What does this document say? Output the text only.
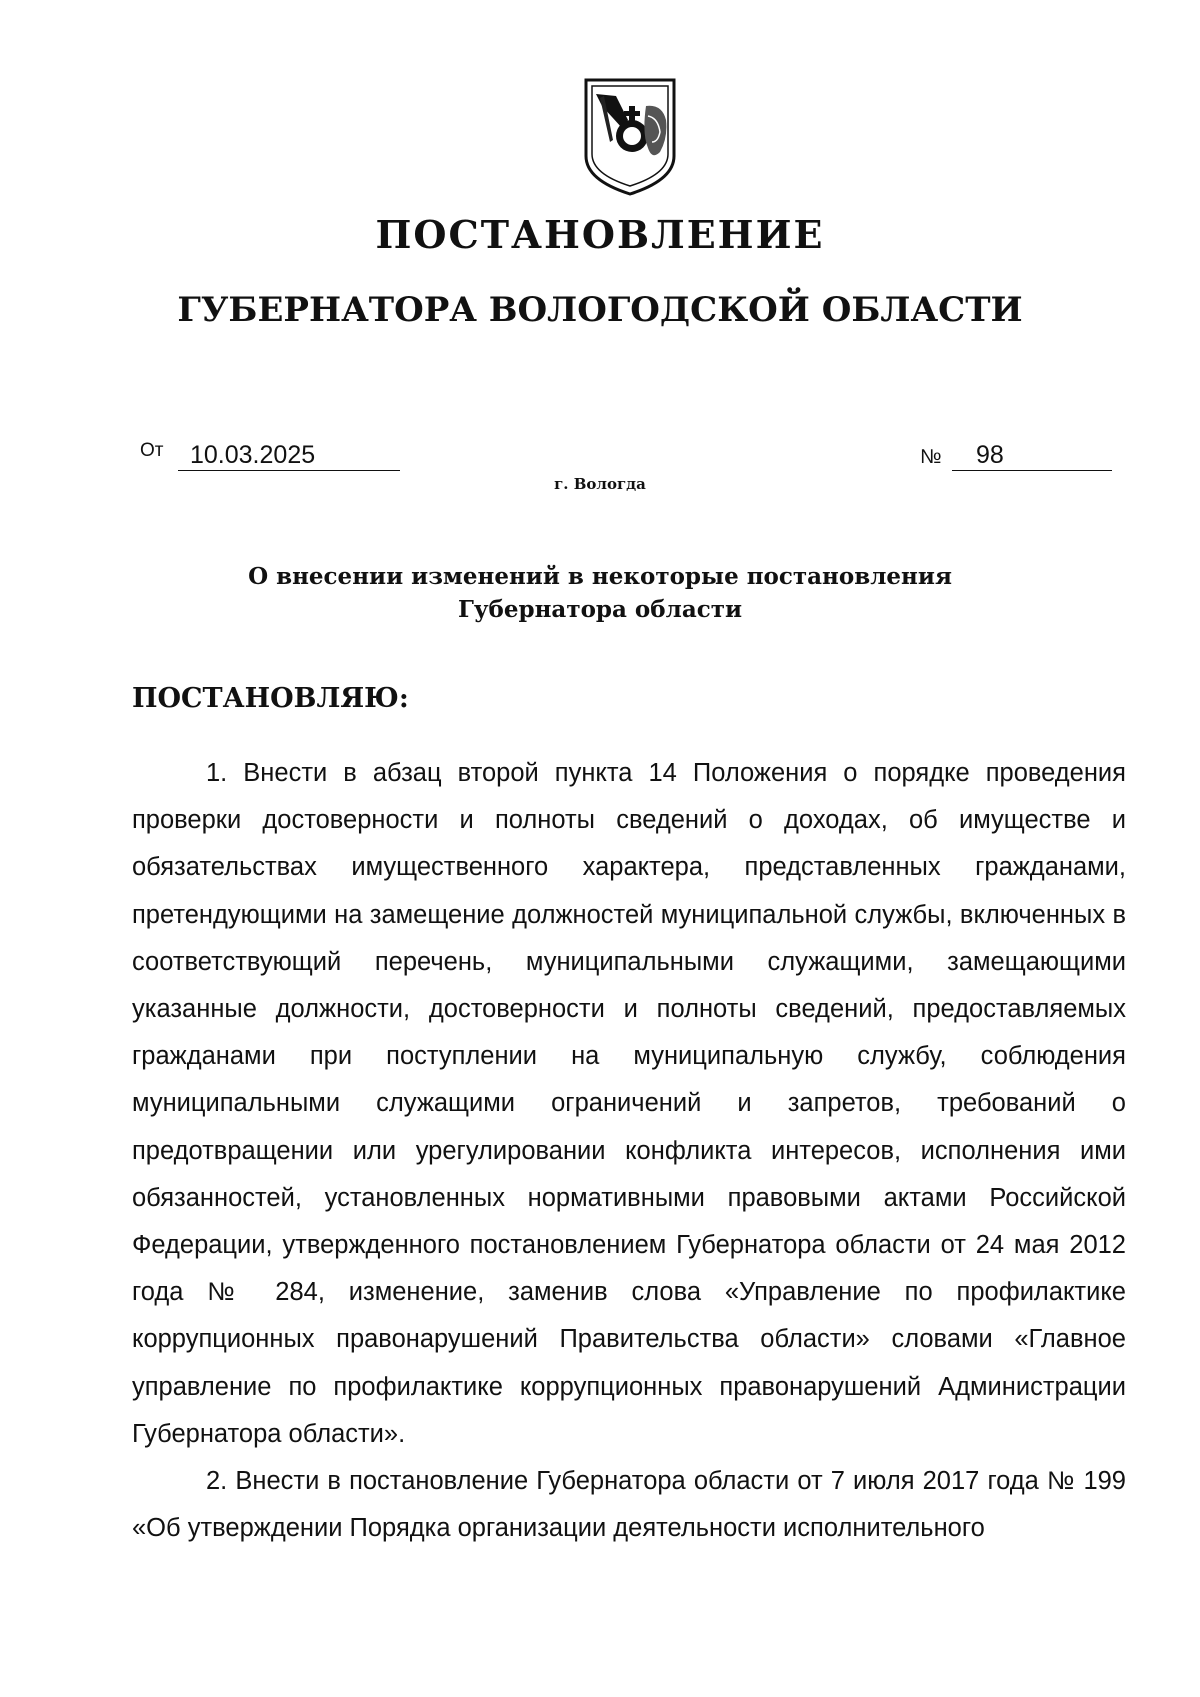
ПОСТАНОВЛЕНИЕ
ГУБЕРНАТОРА ВОЛОГОДСКОЙ ОБЛАСТИ
От	10.03.2025	№	98
г. Вологда
О внесении изменений в некоторые постановления
Губернатора области
ПОСТАНОВЛЯЮ:

1. Внести в абзац второй пункта 14 Положения о порядке проведения проверки достоверности и полноты сведений о доходах, об имуществе и обязательствах имущественного характера, представленных гражданами, претендующими на замещение должностей муниципальной службы, включенных в соответствующий перечень, муниципальными служащими, замещающими указанные должности, достоверности и полноты сведений, предоставляемых гражданами при поступлении на муниципальную службу, соблюдения муниципальными служащими ограничений и запретов, требований о предотвращении или урегулировании конфликта интересов, исполнения ими обязанностей, установленных нормативными правовыми актами Российской Федерации, утвержденного постановлением Губернатора области от 24 мая 2012 года № 284, изменение, заменив слова «Управление по профилактике коррупционных правонарушений Правительства области» словами «Главное управление по профилактике коррупционных правонарушений Администрации Губернатора области».

2. Внести в постановление Губернатора области от 7 июля 2017 года № 199 «Об утверждении Порядка организации деятельности исполнительного
